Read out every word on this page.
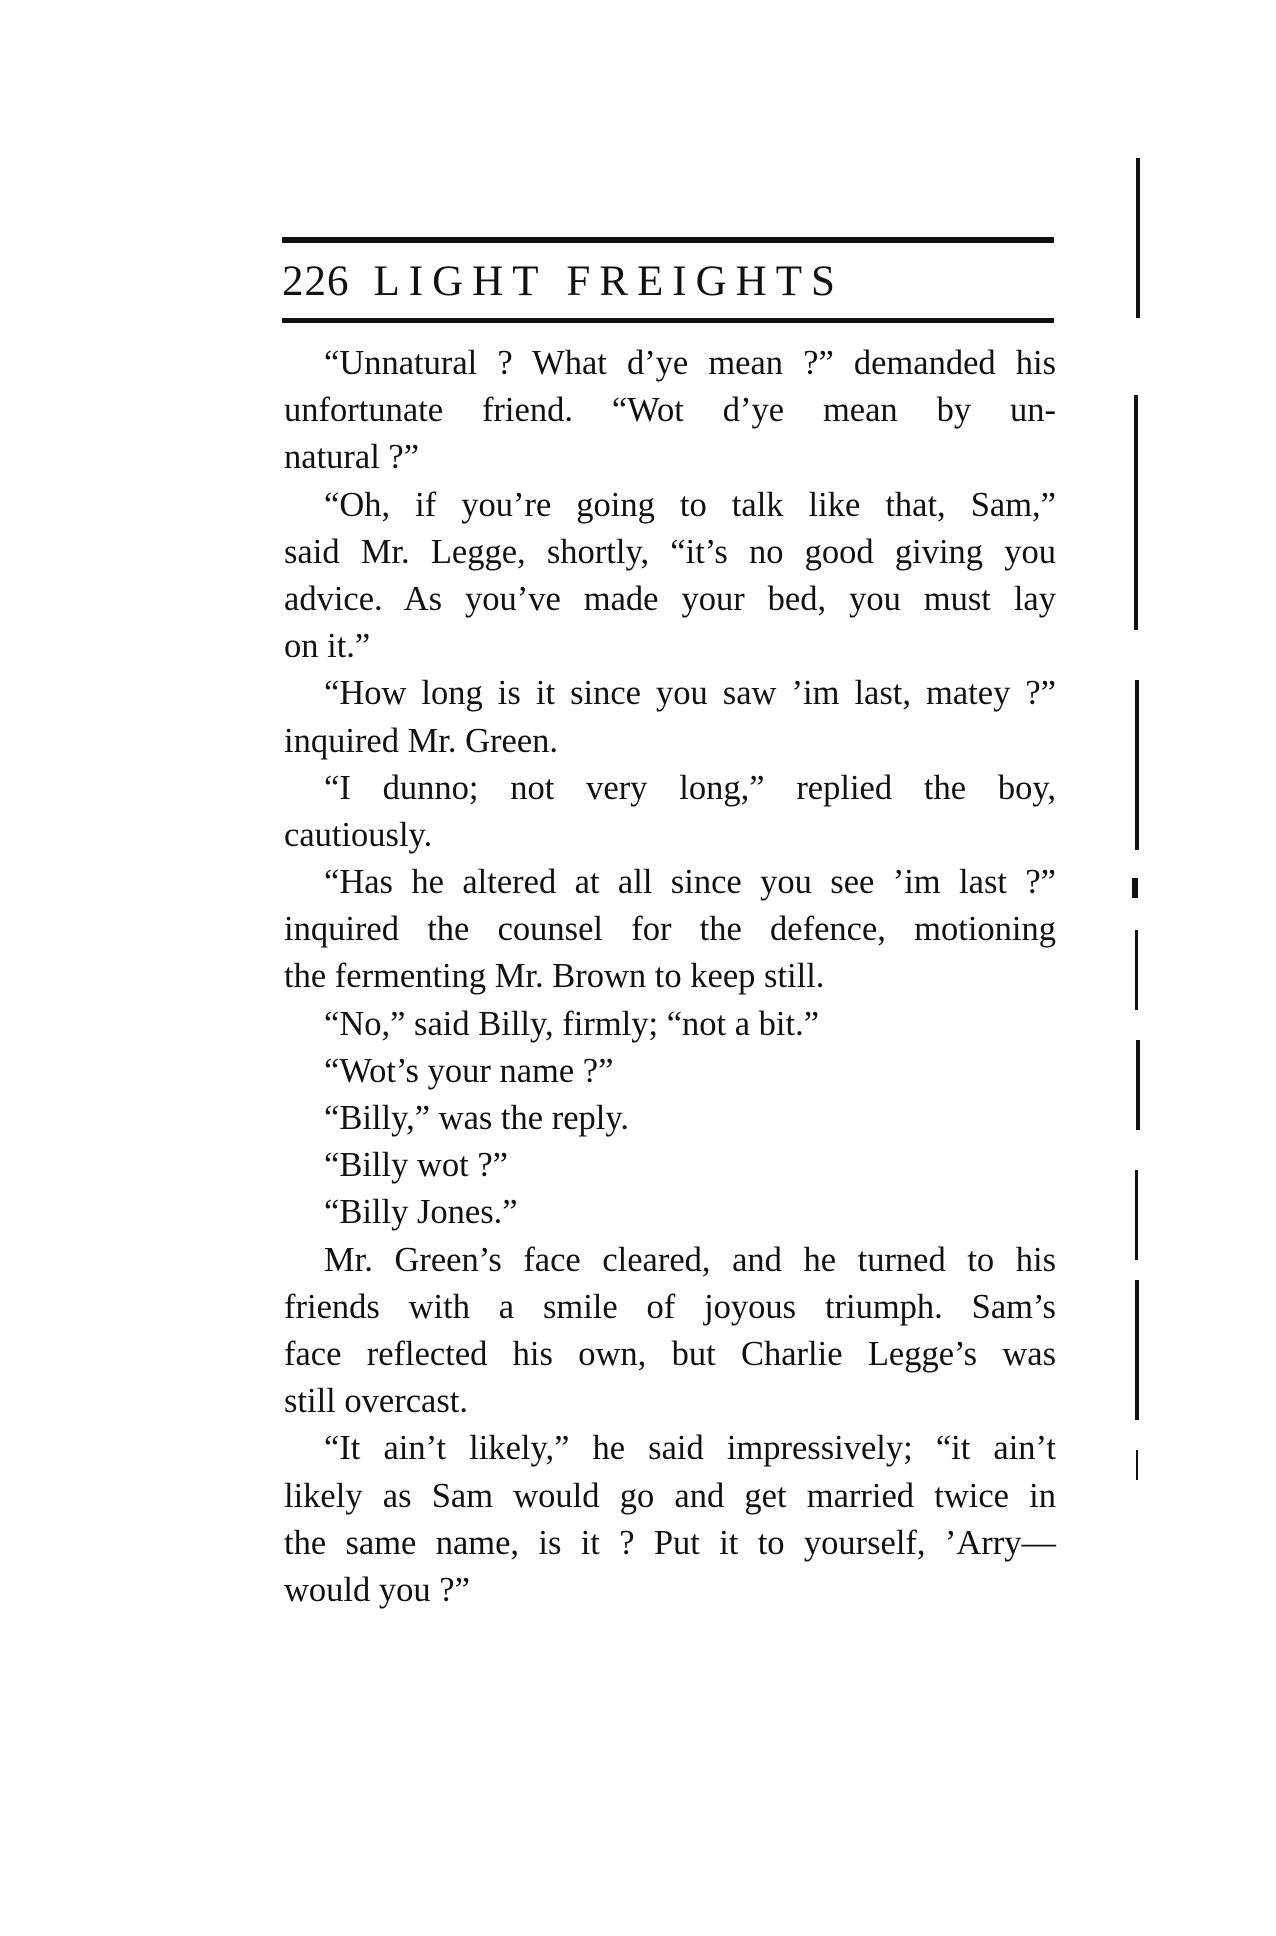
226 LIGHT FREIGHTS
“Unnatural ? What d’ye mean ?” demanded his
unfortunate friend. “Wot d’ye mean by un-
natural ?”
“Oh, if you’re going to talk like that, Sam,”
said Mr. Legge, shortly, “it’s no good giving you
advice. As you’ve made your bed, you must lay
on it.”
“How long is it since you saw ’im last, matey ?”
inquired Mr. Green.
“I dunno; not very long,” replied the boy,
cautiously.
“Has he altered at all since you see ’im last ?”
inquired the counsel for the defence, motioning
the fermenting Mr. Brown to keep still.
“No,” said Billy, firmly; “not a bit.”
“Wot’s your name ?”
“Billy,” was the reply.
“Billy wot ?”
“Billy Jones.”
Mr. Green’s face cleared, and he turned to his
friends with a smile of joyous triumph. Sam’s
face reflected his own, but Charlie Legge’s was
still overcast.
“It ain’t likely,” he said impressively; “it ain’t
likely as Sam would go and get married twice in
the same name, is it ? Put it to yourself, ’Arry—
would you ?”
